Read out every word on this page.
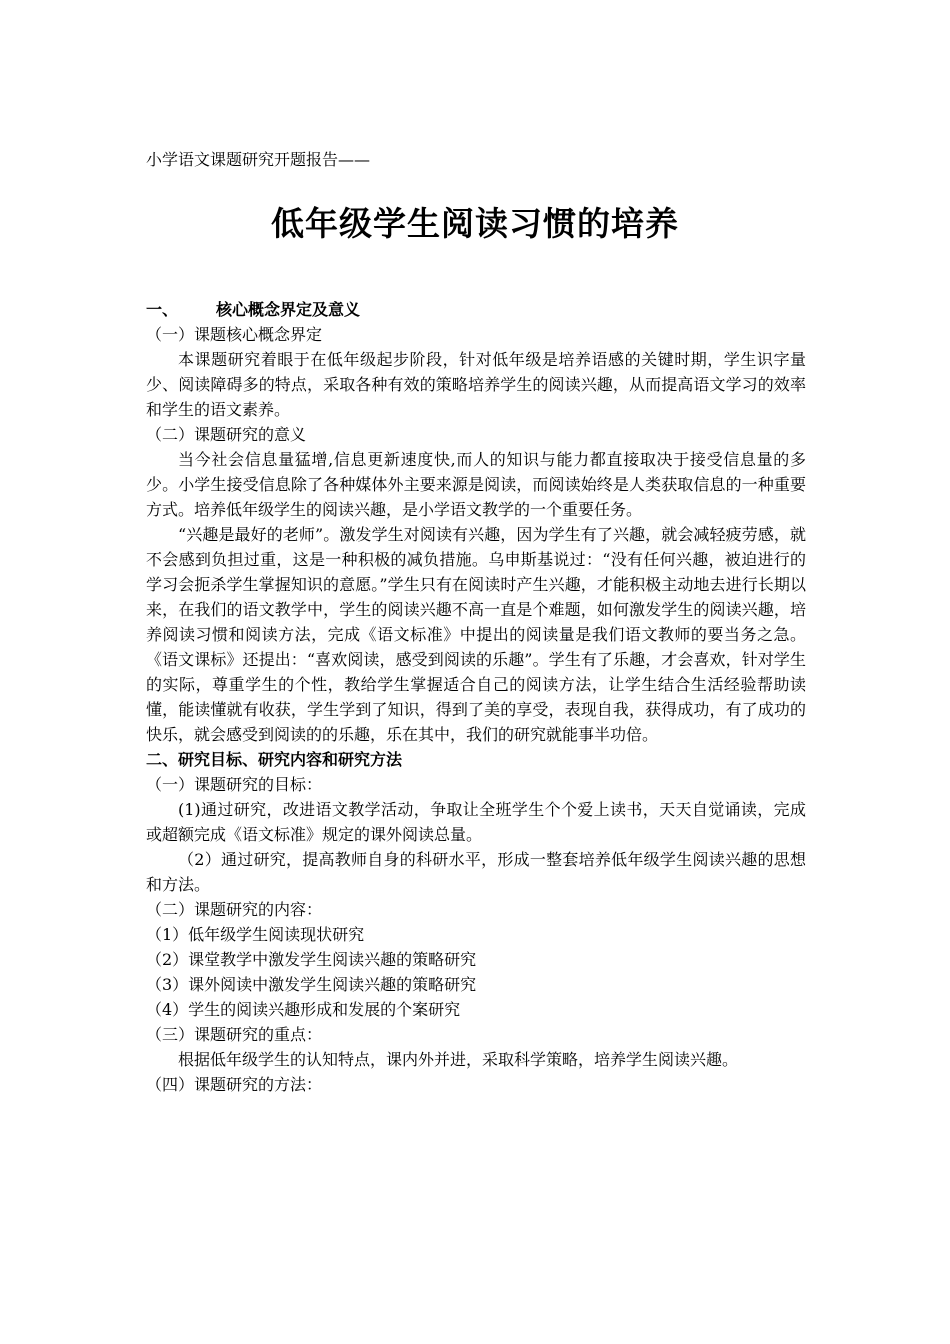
小学语文课题研究开题报告——
低年级学生阅读习惯的培养

一、 核心概念界定及意义

（一）课题核心概念界定

本课题研究着眼于在低年级起步阶段，针对低年级是培养语感的关键时期，学生识字量少、阅读障碍多的特点，采取各种有效的策略培养学生的阅读兴趣，从而提高语文学习的效率和学生的语文素养。

（二）课题研究的意义

当今社会信息量猛增,信息更新速度快,而人的知识与能力都直接取决于接受信息量的多少。小学生接受信息除了各种媒体外主要来源是阅读，而阅读始终是人类获取信息的一种重要方式。培养低年级学生的阅读兴趣，是小学语文教学的一个重要任务。

“兴趣是最好的老师”。激发学生对阅读有兴趣，因为学生有了兴趣，就会减轻疲劳感，就不会感到负担过重，这是一种积极的减负措施。乌申斯基说过：“没有任何兴趣，被迫进行的学习会扼杀学生掌握知识的意愿。”学生只有在阅读时产生兴趣，才能积极主动地去进行长期以来，在我们的语文教学中，学生的阅读兴趣不高一直是个难题，如何激发学生的阅读兴趣，培养阅读习惯和阅读方法，完成《语文标准》中提出的阅读量是我们语文教师的要当务之急。《语文课标》还提出：“喜欢阅读，感受到阅读的乐趣”。学生有了乐趣，才会喜欢，针对学生的实际，尊重学生的个性，教给学生掌握适合自己的阅读方法，让学生结合生活经验帮助读懂，能读懂就有收获，学生学到了知识，得到了美的享受，表现自我，获得成功，有了成功的快乐，就会感受到阅读的的乐趣，乐在其中，我们的研究就能事半功倍。

二、研究目标、研究内容和研究方法

（一）课题研究的目标：

(1)通过研究，改进语文教学活动，争取让全班学生个个爱上读书，天天自觉诵读，完成或超额完成《语文标准》规定的课外阅读总量。

（2）通过研究，提高教师自身的科研水平，形成一整套培养低年级学生阅读兴趣的思想和方法。

（二）课题研究的内容：

（1）低年级学生阅读现状研究

（2）课堂教学中激发学生阅读兴趣的策略研究

（3）课外阅读中激发学生阅读兴趣的策略研究

（4）学生的阅读兴趣形成和发展的个案研究

（三）课题研究的重点：

根据低年级学生的认知特点，课内外并进，采取科学策略，培养学生阅读兴趣。

（四）课题研究的方法：
